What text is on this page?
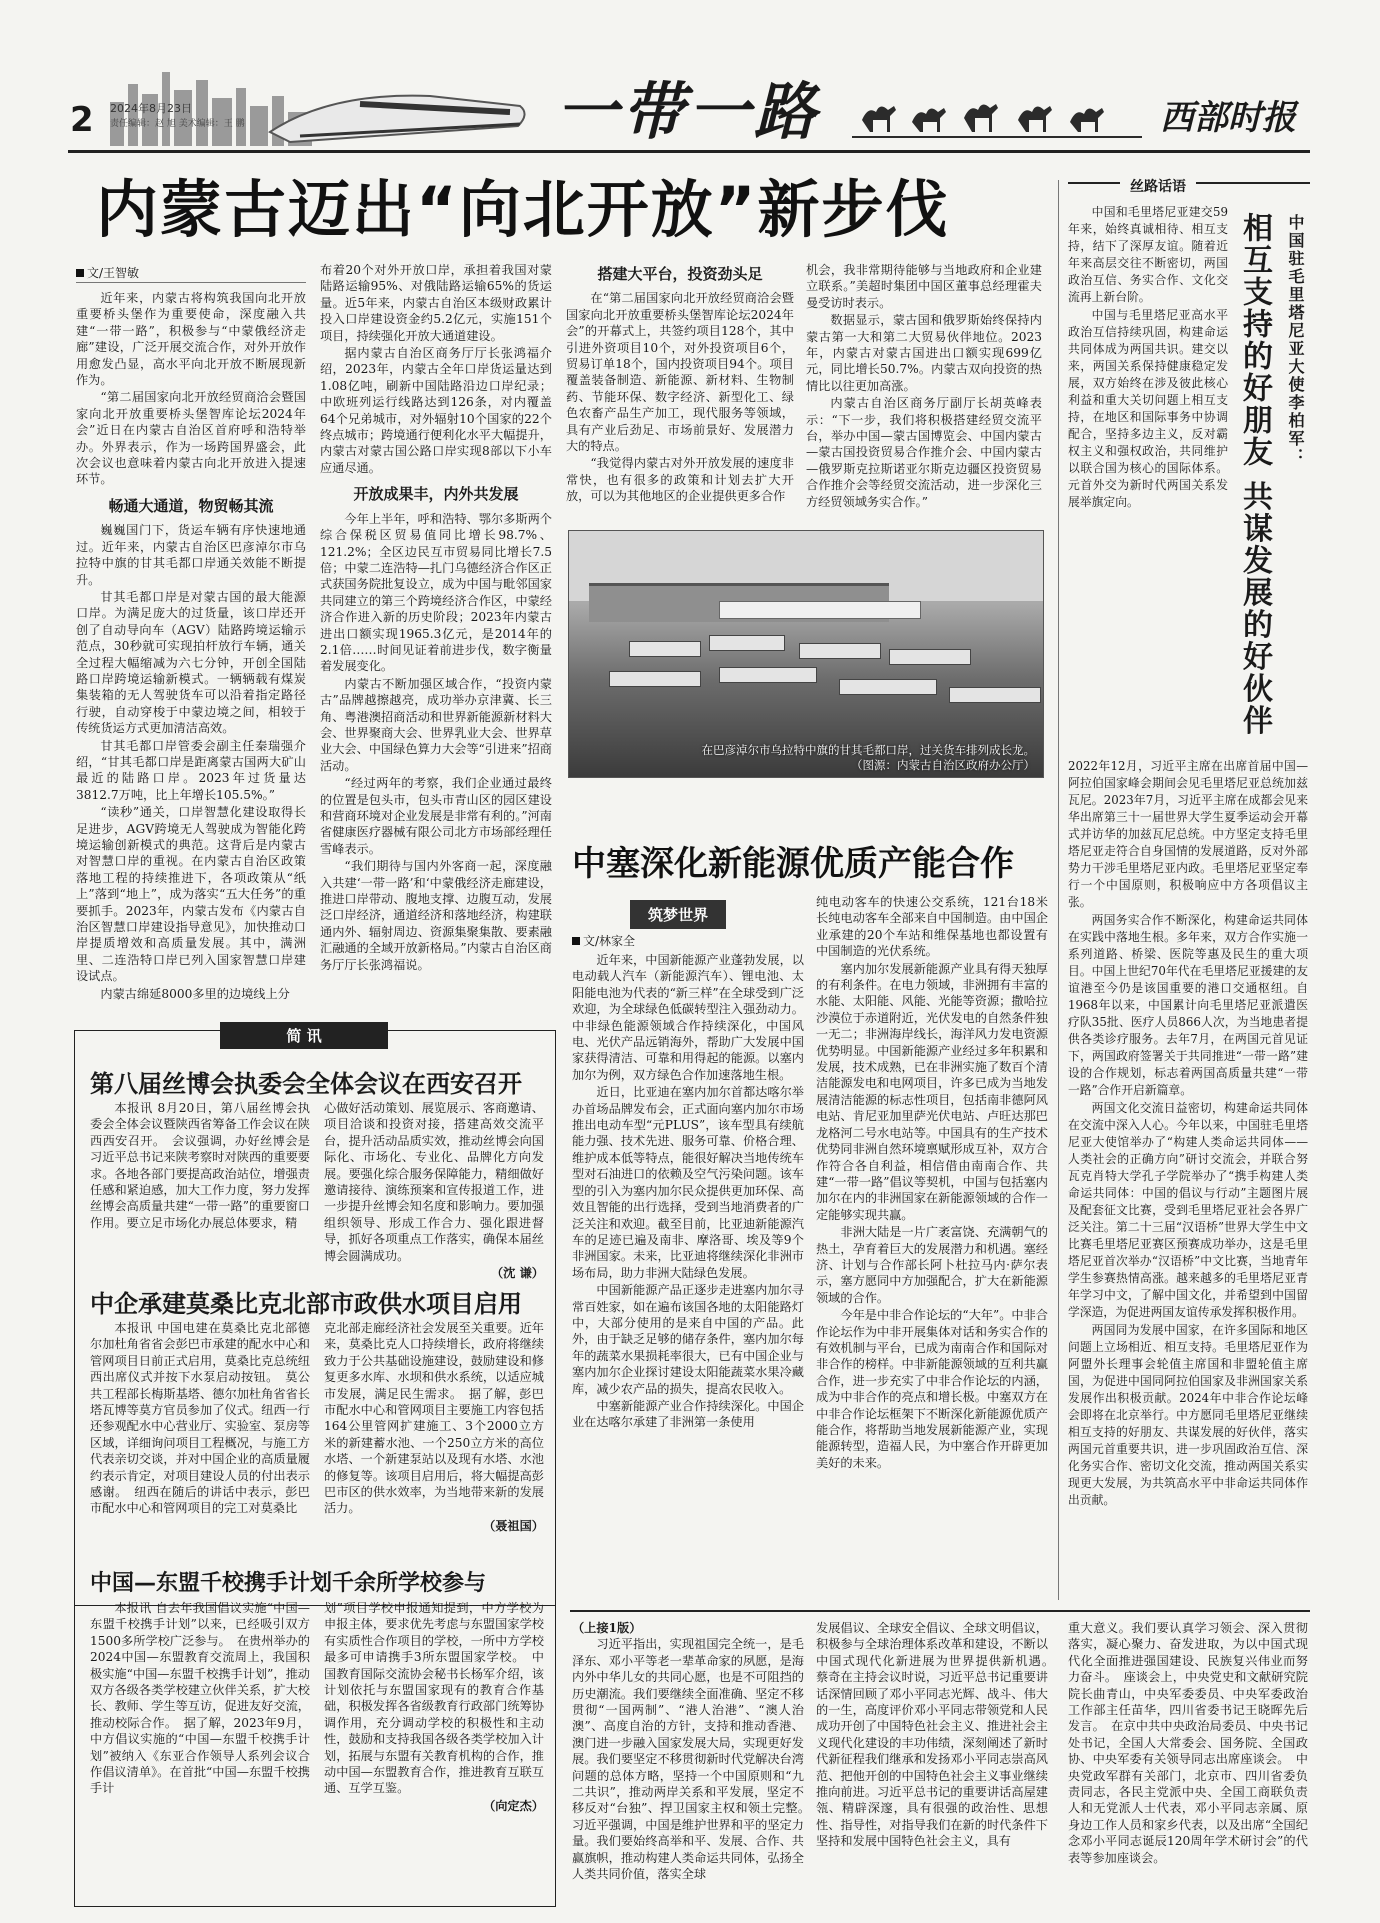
2 2024年8月23日
责任编辑：赵 旭 美术编辑：王 鹏	一带一路	西部时报
内蒙古迈出“向北开放”新步伐
文/王智敏

近年来，内蒙古将构筑我国向北开放重要桥头堡作为重要使命，深度融入共建“一带一路”，积极参与“中蒙俄经济走廊”建设，广泛开展交流合作，对外开放作用愈发凸显，高水平向北开放不断展现新作为。

“第二届国家向北开放经贸商洽会暨国家向北开放重要桥头堡智库论坛2024年会”近日在内蒙古自治区首府呼和浩特举办。外界表示，作为一场跨国界盛会，此次会议也意味着内蒙古向北开放进入提速环节。

畅通大通道，物贸畅其流

巍巍国门下，货运车辆有序快速地通过。近年来，内蒙古自治区巴彦淖尔市乌拉特中旗的甘其毛都口岸通关效能不断提升。

甘其毛都口岸是对蒙古国的最大能源口岸。为满足庞大的过货量，该口岸还开创了自动导向车（AGV）陆路跨境运输示范点，30秒就可实现拍杆放行车辆，通关全过程大幅缩减为六七分钟，开创全国陆路口岸跨境运输新模式。一辆辆载有煤炭集装箱的无人驾驶货车可以沿着指定路径行驶，自动穿梭于中蒙边境之间，相较于传统货运方式更加清洁高效。

甘其毛都口岸管委会副主任秦瑞强介绍，“甘其毛都口岸是距离蒙古国两大矿山最近的陆路口岸。2023年过货量达3812.7万吨，比上年增长105.5%。”

“读秒”通关，口岸智慧化建设取得长足进步，AGV跨境无人驾驶成为智能化跨境运输创新模式的典范。这背后是内蒙古对智慧口岸的重视。在内蒙古自治区政策落地工程的持续推进下，各项政策从“纸上”落到“地上”，成为落实“五大任务”的重要抓手。2023年，内蒙古发布《内蒙古自治区智慧口岸建设指导意见》，加快推动口岸提质增效和高质量发展。其中，满洲里、二连浩特口岸已列入国家智慧口岸建设试点。

内蒙古绵延8000多里的边境线上分

布着20个对外开放口岸，承担着我国对蒙陆路运输95%、对俄陆路运输65%的货运量。近5年来，内蒙古自治区本级财政累计投入口岸建设资金约5.2亿元，实施151个项目，持续强化开放大通道建设。

据内蒙古自治区商务厅厅长张鸿福介绍，2023年，内蒙古全年口岸货运量达到1.08亿吨，刷新中国陆路沿边口岸纪录；中欧班列运行线路达到126条，对内覆盖64个兄弟城市，对外辐射10个国家的22个终点城市；跨境通行便利化水平大幅提升，内蒙古对蒙古国公路口岸实现8部以下小车应通尽通。

开放成果丰，内外共发展

今年上半年，呼和浩特、鄂尔多斯两个综合保税区贸易值同比增长98.7%、121.2%；全区边民互市贸易同比增长7.5倍；中蒙二连浩特—扎门乌德经济合作区正式获国务院批复设立，成为中国与毗邻国家共同建立的第三个跨境经济合作区，中蒙经济合作进入新的历史阶段；2023年内蒙古进出口额实现1965.3亿元，是2014年的2.1倍……时间见证着前进步伐，数字衡量着发展变化。

内蒙古不断加强区域合作，“投资内蒙古”品牌越擦越亮，成功举办京津冀、长三角、粤港澳招商活动和世界新能源新材料大会、世界聚商大会、世界乳业大会、世界草业大会、中国绿色算力大会等“引进来”招商活动。

“经过两年的考察，我们企业通过最终的位置是包头市，包头市青山区的园区建设和营商环境对企业发展是非常有利的。”河南省健康医疗器械有限公司北方市场部经理任雪峰表示。

“我们期待与国内外客商一起，深度融入共建‘一带一路’和‘中蒙俄经济走廊建设，推进口岸带动、腹地支撑、边腹互动，发展泛口岸经济，通道经济和落地经济，构建联通内外、辐射周边、资源集聚集散、要素融汇融通的全域开放新格局。”内蒙古自治区商务厅厅长张鸿福说。

搭建大平台，投资劲头足

在“第二届国家向北开放经贸商洽会暨国家向北开放重要桥头堡智库论坛2024年会”的开幕式上，共签约项目128个，其中引进外资项目10个，对外投资项目6个，贸易订单18个，国内投资项目94个。项目覆盖装备制造、新能源、新材料、生物制药、节能环保、数字经济、新型化工、绿色农畜产品生产加工，现代服务等领域，具有产业后劲足、市场前景好、发展潜力大的特点。

“我觉得内蒙古对外开放发展的速度非常快，也有很多的政策和计划去扩大开放，可以为其他地区的企业提供更多合作

机会，我非常期待能够与当地政府和企业建立联系。”美超时集团中国区董事总经理霍夫曼受访时表示。

数据显示，蒙古国和俄罗斯始终保持内蒙古第一大和第二大贸易伙伴地位。2023年，内蒙古对蒙古国进出口额实现699亿元，同比增长50.7%。内蒙古双向投资的热情比以往更加高涨。

内蒙古自治区商务厅副厅长胡英峰表示：“下一步，我们将积极搭建经贸交流平台，举办中国—蒙古国博览会、中国内蒙古—蒙古国投资贸易合作推介会、中国内蒙古—俄罗斯克拉斯诺亚尔斯克边疆区投资贸易合作推介会等经贸交流活动，进一步深化三方经贸领域务实合作。”

在巴彦淖尔市乌拉特中旗的甘其毛都口岸，过关货车排列成长龙。
（图源：内蒙古自治区政府办公厅）
中塞深化新能源优质产能合作
筑梦世界
文/林家全

近年来，中国新能源产业蓬勃发展，以电动载人汽车（新能源汽车）、锂电池、太阳能电池为代表的“新三样”在全球受到广泛欢迎，为全球绿色低碳转型注入强劲动力。中非绿色能源领域合作持续深化，中国风电、光伏产品远销海外，帮助广大发展中国家获得清洁、可靠和用得起的能源。以塞内加尔为例，双方绿色合作加速落地生根。

近日，比亚迪在塞内加尔首都达喀尔举办首场品牌发布会，正式面向塞内加尔市场推出电动车型“元PLUS”，该车型具有续航能力强、技术先进、服务可靠、价格合理、维护成本低等特点，能很好解决当地传统车型对石油进口的依赖及空气污染问题。该车型的引入为塞内加尔民众提供更加环保、高效且智能的出行选择，受到当地消费者的广泛关注和欢迎。截至目前，比亚迪新能源汽车的足迹已遍及南非、摩洛哥、埃及等9个非洲国家。未来，比亚迪将继续深化非洲市场布局，助力非洲大陆绿色发展。

中国新能源产品正逐步走进塞内加尔寻常百姓家，如在遍布该国各地的太阳能路灯中，大部分使用的是来自中国的产品。此外，由于缺乏足够的储存条件，塞内加尔每年的蔬菜水果损耗率很大，已有中国企业与塞内加尔企业探讨建设太阳能蔬菜水果冷藏库，减少农产品的损失，提高农民收入。

中塞新能源产业合作持续深化。中国企业在达喀尔承建了非洲第一条使用

纯电动客车的快速公交系统，121台18米长纯电动客车全部来自中国制造。由中国企业承建的20个车站和维保基地也都设置有中国制造的光伏系统。

塞内加尔发展新能源产业具有得天独厚的有利条件。在电力领域，非洲拥有丰富的水能、太阳能、风能、光能等资源；撒哈拉沙漠位于赤道附近，光伏发电的自然条件独一无二；非洲海岸线长，海洋风力发电资源优势明显。中国新能源产业经过多年积累和发展，技术成熟，已在非洲实施了数百个清洁能源发电和电网项目，许多已成为当地发展清洁能源的标志性项目，包括南非德阿风电站、肯尼亚加里萨光伏电站、卢旺达那巴龙格河二号水电站等。中国具有的生产技术优势同非洲自然环境禀赋形成互补，双方合作符合各自利益，相信借由南南合作、共建“一带一路”倡议等契机，中国与包括塞内加尔在内的非洲国家在新能源领域的合作一定能够实现共赢。

非洲大陆是一片广袤富饶、充满朝气的热土，孕育着巨大的发展潜力和机遇。塞经济、计划与合作部长阿卜杜拉马内·萨尔表示，塞方愿同中方加强配合，扩大在新能源领域的合作。

今年是中非合作论坛的“大年”。中非合作论坛作为中非开展集体对话和务实合作的有效机制与平台，已成为南南合作和国际对非合作的榜样。中非新能源领域的互利共赢合作，进一步充实了中非合作论坛的内涵，成为中非合作的亮点和增长极。中塞双方在中非合作论坛框架下不断深化新能源优质产能合作，将帮助当地发展新能源产业，实现能源转型，造福人民，为中塞合作开辟更加美好的未来。

丝路话语
中国驻毛里塔尼亚大使李柏军：
相互支持的好朋友 共谋发展的好伙伴

中国和毛里塔尼亚建交59年来，始终真诚相待、相互支持，结下了深厚友谊。随着近年来高层交往不断密切，两国政治互信、务实合作、文化交流再上新台阶。

中国与毛里塔尼亚高水平政治互信持续巩固，构建命运共同体成为两国共识。建交以来，两国关系保持健康稳定发展，双方始终在涉及彼此核心利益和重大关切问题上相互支持，在地区和国际事务中协调配合，坚持多边主义，反对霸权主义和强权政治，共同维护以联合国为核心的国际体系。元首外交为新时代两国关系发展举旗定向。

2022年12月，习近平主席在出席首届中国—阿拉伯国家峰会期间会见毛里塔尼亚总统加兹瓦尼。2023年7月，习近平主席在成都会见来华出席第三十一届世界大学生夏季运动会开幕式并访华的加兹瓦尼总统。中方坚定支持毛里塔尼亚走符合自身国情的发展道路，反对外部势力干涉毛里塔尼亚内政。毛里塔尼亚坚定奉行一个中国原则，积极响应中方各项倡议主张。

两国务实合作不断深化，构建命运共同体在实践中落地生根。多年来，双方合作实施一系列道路、桥梁、医院等惠及民生的重大项目。中国上世纪70年代在毛里塔尼亚援建的友谊港至今仍是该国重要的港口交通枢纽。自1968年以来，中国累计向毛里塔尼亚派遣医疗队35批、医疗人员866人次，为当地患者提供各类诊疗服务。去年7月，在两国元首见证下，两国政府签署关于共同推进“一带一路”建设的合作规划，标志着两国高质量共建“一带一路”合作开启新篇章。

两国文化交流日益密切，构建命运共同体在交流中深入人心。今年以来，中国驻毛里塔尼亚大使馆举办了“构建人类命运共同体——人类社会的正确方向”研讨交流会，并联合努瓦克肖特大学孔子学院举办了“携手构建人类命运共同体：中国的倡议与行动”主题图片展及配套征文比赛，受到毛里塔尼亚社会各界广泛关注。第二十三届“汉语桥”世界大学生中文比赛毛里塔尼亚赛区预赛成功举办，这是毛里塔尼亚首次举办“汉语桥”中文比赛，当地青年学生参赛热情高涨。越来越多的毛里塔尼亚青年学习中文，了解中国文化，并希望到中国留学深造，为促进两国友谊传承发挥积极作用。

两国同为发展中国家，在许多国际和地区问题上立场相近、相互支持。毛里塔尼亚作为阿盟外长理事会轮值主席国和非盟轮值主席国，为促进中国同阿拉伯国家及非洲国家关系发展作出积极贡献。2024年中非合作论坛峰会即将在北京举行。中方愿同毛里塔尼亚继续相互支持的好朋友、共谋发展的好伙伴，落实两国元首重要共识，进一步巩固政治互信、深化务实合作、密切文化交流，推动两国关系实现更大发展，为共筑高水平中非命运共同体作出贡献。

简 讯
第八届丝博会执委会全体会议在西安召开

本报讯 8月20日，第八届丝博会执委会全体会议暨陕西省筹备工作会议在陕西西安召开。　会议强调，办好丝博会是习近平总书记来陕考察时对陕西的重要要求。各地各部门要提高政治站位，增强责任感和紧迫感，加大工作力度，努力发挥丝博会高质量共建“一带一路”的重要窗口作用。要立足市场化办展总体要求，精

心做好活动策划、展览展示、客商邀请、项目洽谈和投资对接，搭建高效交流平台，提升活动品质实效，推动丝博会向国际化、市场化、专业化、品牌化方向发展。要强化综合服务保障能力，精细做好邀请接待、演练预案和宣传报道工作，进一步提升丝博会知名度和影响力。要加强组织领导、形成工作合力、强化跟进督导，抓好各项重点工作落实，确保本届丝博会圆满成功。

（沈 谦）
中企承建莫桑比克北部市政供水项目启用

本报讯 中国电建在莫桑比克北部德尔加杜角省省会彭巴市承建的配水中心和管网项目日前正式启用，莫桑比克总统纽西出席仪式并按下水泵启动按钮。　莫公共工程部长梅斯基塔、德尔加杜角省省长塔瓦博等莫方官员参加了仪式。纽西一行还参观配水中心营业厅、实验室、泵房等区域，详细询问项目工程概况，与施工方代表亲切交谈，并对中国企业的高质量履约表示肯定，对项目建设人员的付出表示感谢。　纽西在随后的讲话中表示，彭巴市配水中心和管网项目的完工对莫桑比

克北部走廊经济社会发展至关重要。近年来，莫桑比克人口持续增长，政府将继续致力于公共基础设施建设，鼓励建设和修复更多水库、水坝和供水系统，以适应城市发展，满足民生需求。　据了解，彭巴市配水中心和管网项目主要施工内容包括164公里管网扩建施工、3个2000立方米的新建蓄水池、一个250立方米的高位水塔、一个新建泵站以及现有水塔、水池的修复等。该项目启用后，将大幅提高彭巴市区的供水效率，为当地带来新的发展活力。

（聂祖国）
中国—东盟千校携手计划千余所学校参与

本报讯 自去年我国倡议实施“中国—东盟千校携手计划”以来，已经吸引双方1500多所学校广泛参与。　在贵州举办的2024中国—东盟教育交流周上，我国积极实施“中国—东盟千校携手计划”，推动双方各级各类学校建立伙伴关系，扩大校长、教师、学生等互访，促进友好交流，推动校际合作。　据了解，2023年9月，中方倡议实施的“中国—东盟千校携手计划”被纳入《东亚合作领导人系列会议合作倡议清单》。在首批“中国—东盟千校携手计

划”项目学校申报通知提到，中方学校为申报主体，要求优先考虑与东盟国家学校有实质性合作项目的学校，一所中方学校最多可申请携手3所东盟国家学校。　中国教育国际交流协会秘书长杨军介绍，该计划依托与东盟国家现有的教育合作基础，积极发挥各省级教育行政部门统筹协调作用，充分调动学校的积极性和主动性，鼓励和支持我国各级各类学校加入计划，拓展与东盟有关教育机构的合作，推动中国—东盟教育合作，推进教育互联互通、互学互鉴。

（向定杰）
（上接1版）

习近平指出，实现祖国完全统一，是毛泽东、邓小平等老一辈革命家的夙愿，是海内外中华儿女的共同心愿，也是不可阻挡的历史潮流。我们要继续全面准确、坚定不移贯彻“一国两制”、“港人治港”、“澳人治澳”、高度自治的方针，支持和推动香港、澳门进一步融入国家发展大局，实现更好发展。我们要坚定不移贯彻新时代党解决台湾问题的总体方略，坚持一个中国原则和“九二共识”，推动两岸关系和平发展，坚定不移反对“台独”、捍卫国家主权和领土完整。　习近平强调，中国是维护世界和平的坚定力量。我们要始终高举和平、发展、合作、共赢旗帜，推动构建人类命运共同体，弘扬全人类共同价值，落实全球

发展倡议、全球安全倡议、全球文明倡议，积极参与全球治理体系改革和建设，不断以中国式现代化新进展为世界提供新机遇。　蔡奇在主持会议时说，习近平总书记重要讲话深情回顾了邓小平同志光辉、战斗、伟大的一生，高度评价邓小平同志带领党和人民成功开创了中国特色社会主义、推进社会主义现代化建设的丰功伟绩，深刻阐述了新时代新征程我们继承和发扬邓小平同志崇高风范、把他开创的中国特色社会主义事业继续推向前进。习近平总书记的重要讲话高屋建瓴、精辟深邃，具有很强的政治性、思想性、指导性，对指导我们在新的时代条件下坚持和发展中国特色社会主义，具有

重大意义。我们要认真学习领会、深入贯彻落实，凝心聚力、奋发进取，为以中国式现代化全面推进强国建设、民族复兴伟业而努力奋斗。　座谈会上，中央党史和文献研究院院长曲青山，中央军委委员、中央军委政治工作部主任苗华，四川省委书记王晓晖先后发言。　在京中共中央政治局委员、中央书记处书记，全国人大常委会、国务院、全国政协、中央军委有关领导同志出席座谈会。　中央党政军群有关部门，北京市、四川省委负责同志，各民主党派中央、全国工商联负责人和无党派人士代表，邓小平同志亲属、原身边工作人员和家乡代表，以及出席“全国纪念邓小平同志诞辰120周年学术研讨会”的代表等参加座谈会。
